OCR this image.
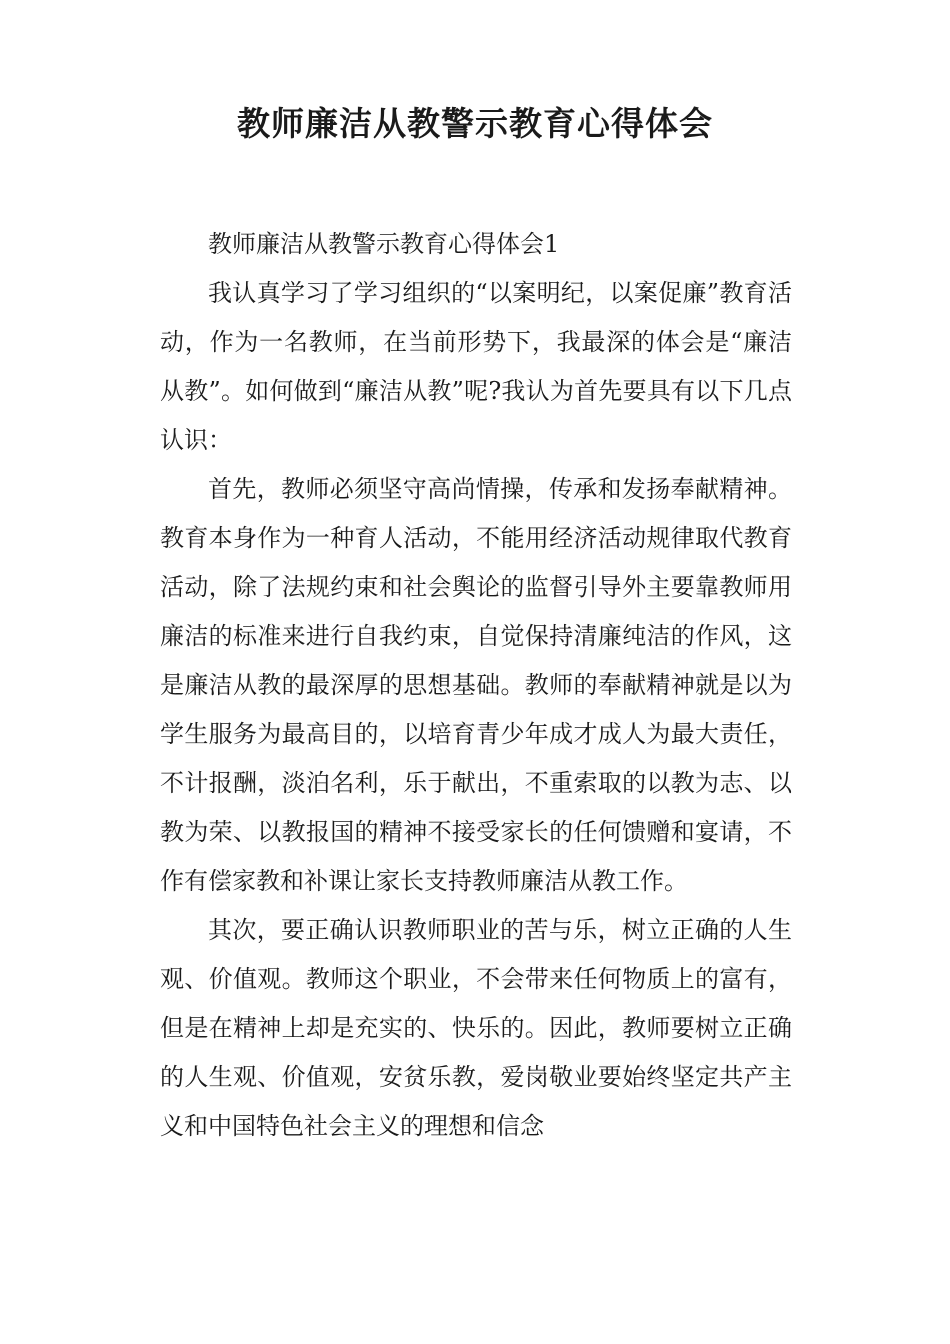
教师廉洁从教警示教育心得体会

教师廉洁从教警示教育心得体会1

我认真学习了学习组织的“以案明纪，以案促廉”教育活动，作为一名教师，在当前形势下，我最深的体会是“廉洁从教”。如何做到“廉洁从教”呢?我认为首先要具有以下几点认识：

首先，教师必须坚守高尚情操，传承和发扬奉献精神。教育本身作为一种育人活动，不能用经济活动规律取代教育活动，除了法规约束和社会舆论的监督引导外主要靠教师用廉洁的标准来进行自我约束，自觉保持清廉纯洁的作风，这是廉洁从教的最深厚的思想基础。教师的奉献精神就是以为学生服务为最高目的，以培育青少年成才成人为最大责任，不计报酬，淡泊名利，乐于献出，不重索取的以教为志、以教为荣、以教报国的精神不接受家长的任何馈赠和宴请，不作有偿家教和补课让家长支持教师廉洁从教工作。

其次，要正确认识教师职业的苦与乐，树立正确的人生观、价值观。教师这个职业，不会带来任何物质上的富有，但是在精神上却是充实的、快乐的。因此，教师要树立正确的人生观、价值观，安贫乐教，爱岗敬业要始终坚定共产主义和中国特色社会主义的理想和信念
